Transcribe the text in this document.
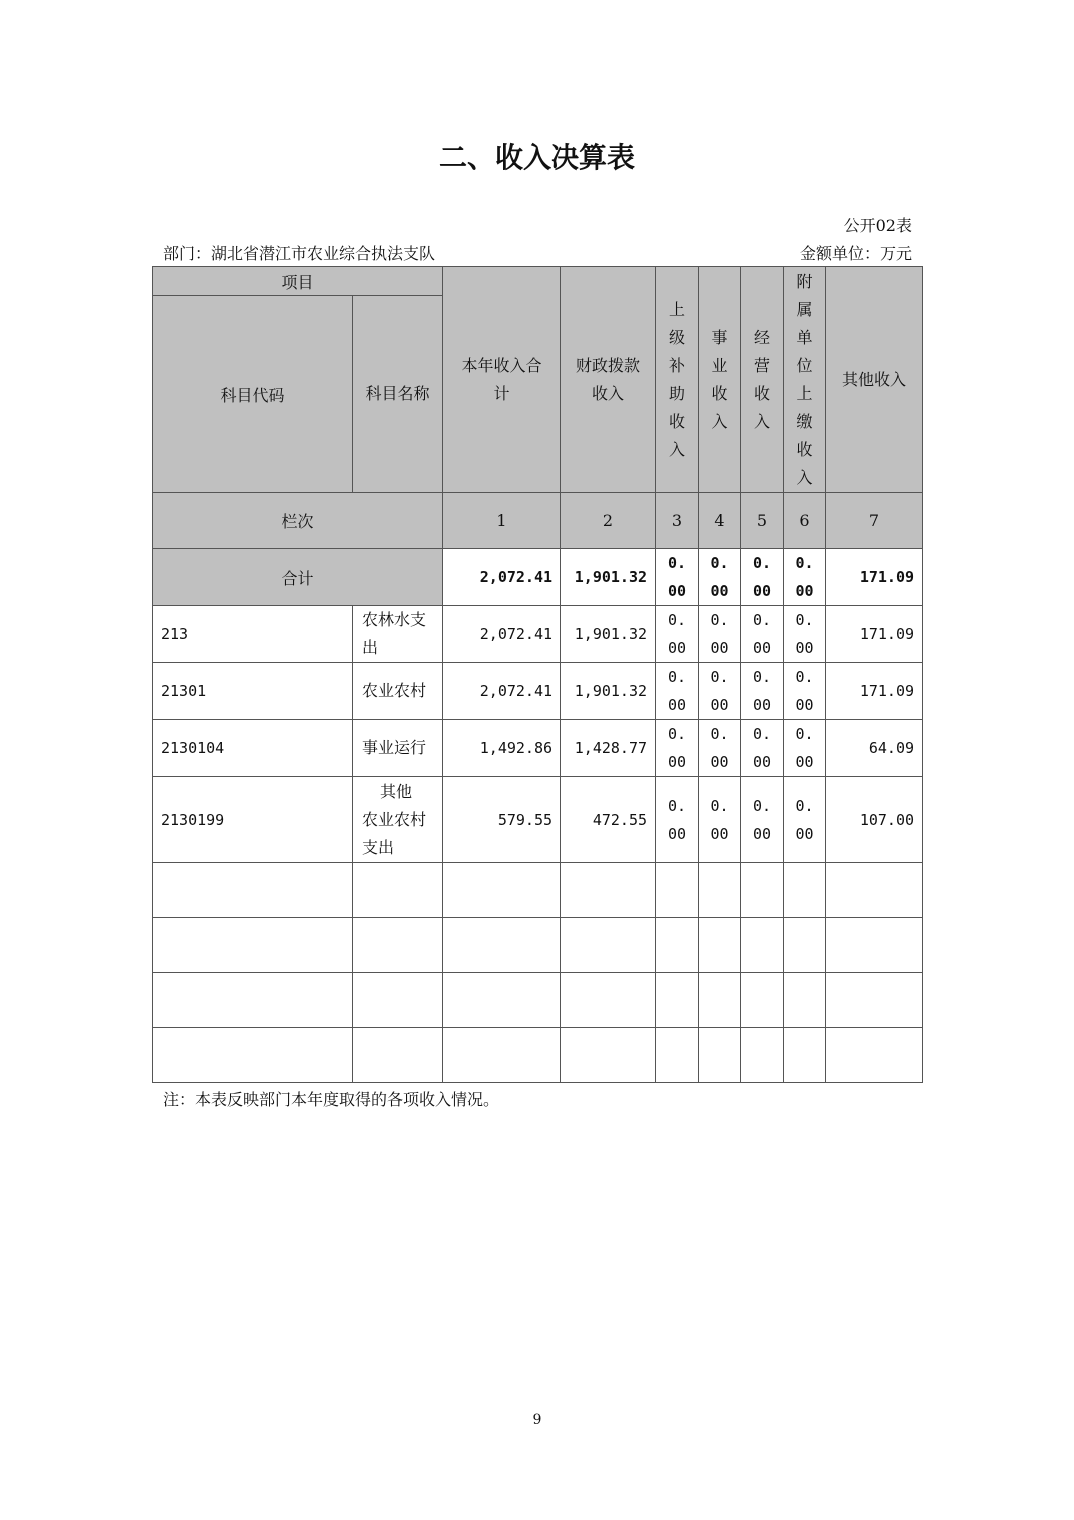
二、收入决算表
公开02表
部门：湖北省潜江市农业综合执法支队	金额单位：万元
项目		本年收入合计	财政拨款收入	上级补助收入	事业收入	经营收入	附属单位上缴收入	其他收入

科目代码	科目名称							

栏次		1	2	3	4	5	6	7
合计		2,072.41	1,901.32	0.00	0.00	0.00	0.00	171.09
213	农林水支出	2,072.41	1,901.32	0.00	0.00	0.00	0.00	171.09
21301	农业农村	2,072.41	1,901.32	0.00	0.00	0.00	0.00	171.09
2130104	事业运行	1,492.86	1,428.77	0.00	0.00	0.00	0.00	64.09
2130199	其他农业农村支出	579.55	472.55	0.00	0.00	0.00	0.00	107.00

注：本表反映部门本年度取得的各项收入情况。
9
